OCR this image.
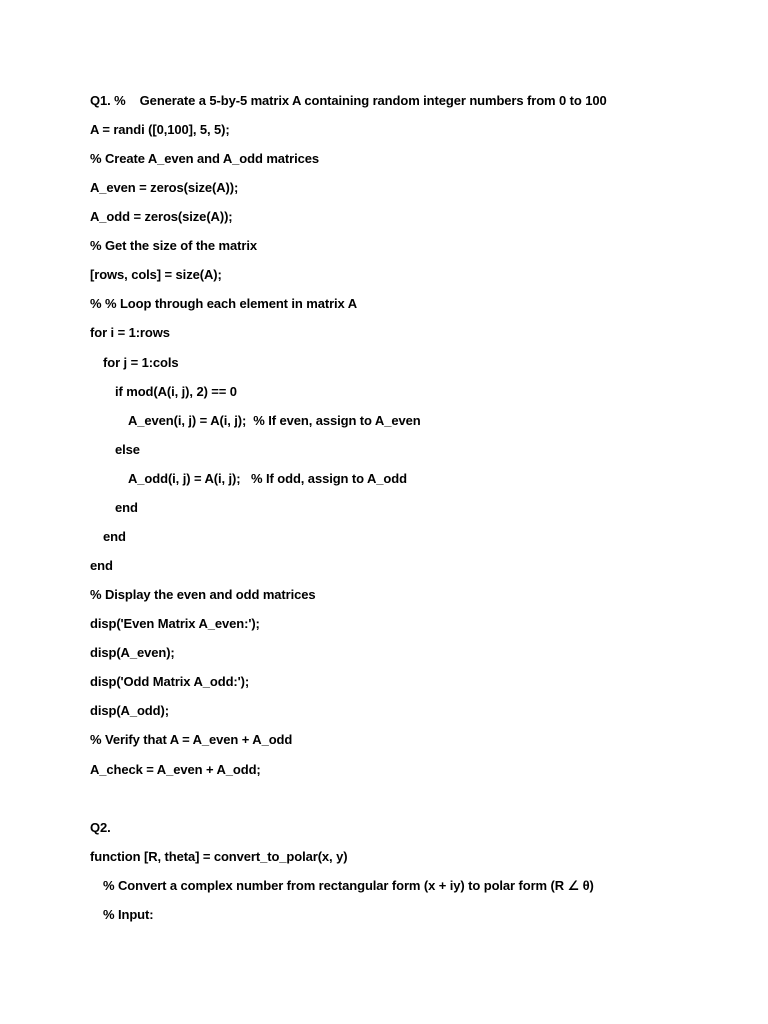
Q1. %    Generate a 5-by-5 matrix A containing random integer numbers from 0 to 100
A = randi ([0,100], 5, 5);
% Create A_even and A_odd matrices
A_even = zeros(size(A));
A_odd = zeros(size(A));
% Get the size of the matrix
[rows, cols] = size(A);
% % Loop through each element in matrix A
for i = 1:rows
for j = 1:cols
if mod(A(i, j), 2) == 0
A_even(i, j) = A(i, j);  % If even, assign to A_even
else
A_odd(i, j) = A(i, j);   % If odd, assign to A_odd
end
end
end
% Display the even and odd matrices
disp('Even Matrix A_even:');
disp(A_even);
disp('Odd Matrix A_odd:');
disp(A_odd);
% Verify that A = A_even + A_odd
A_check = A_even + A_odd;
Q2.
function [R, theta] = convert_to_polar(x, y)
% Convert a complex number from rectangular form (x + iy) to polar form (R ∠ θ)
% Input:
